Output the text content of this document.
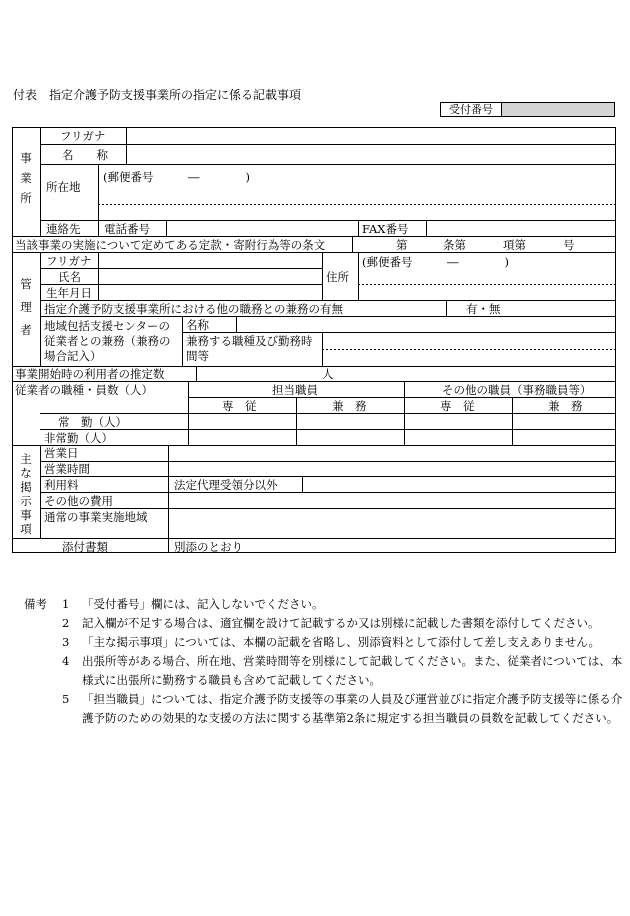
付表　指定介護予防支援事業所の指定に係る記載事項
受付番号
事
業
所
フリガナ
名　　称
所在地
(郵便番号　　　―　　　　)
連絡先 電話番号	FAX番号
当該事業の実施について定めてある定款・寄附行為等の条文	第	条第	項第	号
管
理
者
フリガナ
氏名
生年月日
住所
(郵便番号　　　―　　　　)
指定介護予防支援事業所における他の職務との兼務の有無	有・無
地域包括支援センターの従業者との兼務（兼務の場合記入）
名称
兼務する職種及び勤務時間等
事業開始時の利用者の推定数	人
従業者の職種・員数（人）	担当職員	その他の職員（事務職員等）
専　従	兼　務	専　従	兼　務
常　勤（人）
非常勤（人）
主
な
掲
示
事
項
営業日
営業時間
利用料	法定代理受領分以外
その他の費用
通常の事業実施地域
添付書類	別添のとおり
備考	1	「受付番号」欄には、記入しないでください。
2	記入欄が不足する場合は、適宜欄を設けて記載するか又は別様に記載した書類を添付してください。
3	「主な掲示事項」については、本欄の記載を省略し、別添資料として添付して差し支えありません。
4	出張所等がある場合、所在地、営業時間等を別様にして記載してください。また、従業者については、本様式に出張所に勤務する職員も含めて記載してください。
5	「担当職員」については、指定介護予防支援等の事業の人員及び運営並びに指定介護予防支援等に係る介護予防のための効果的な支援の方法に関する基準第2条に規定する担当職員の員数を記載してください。
